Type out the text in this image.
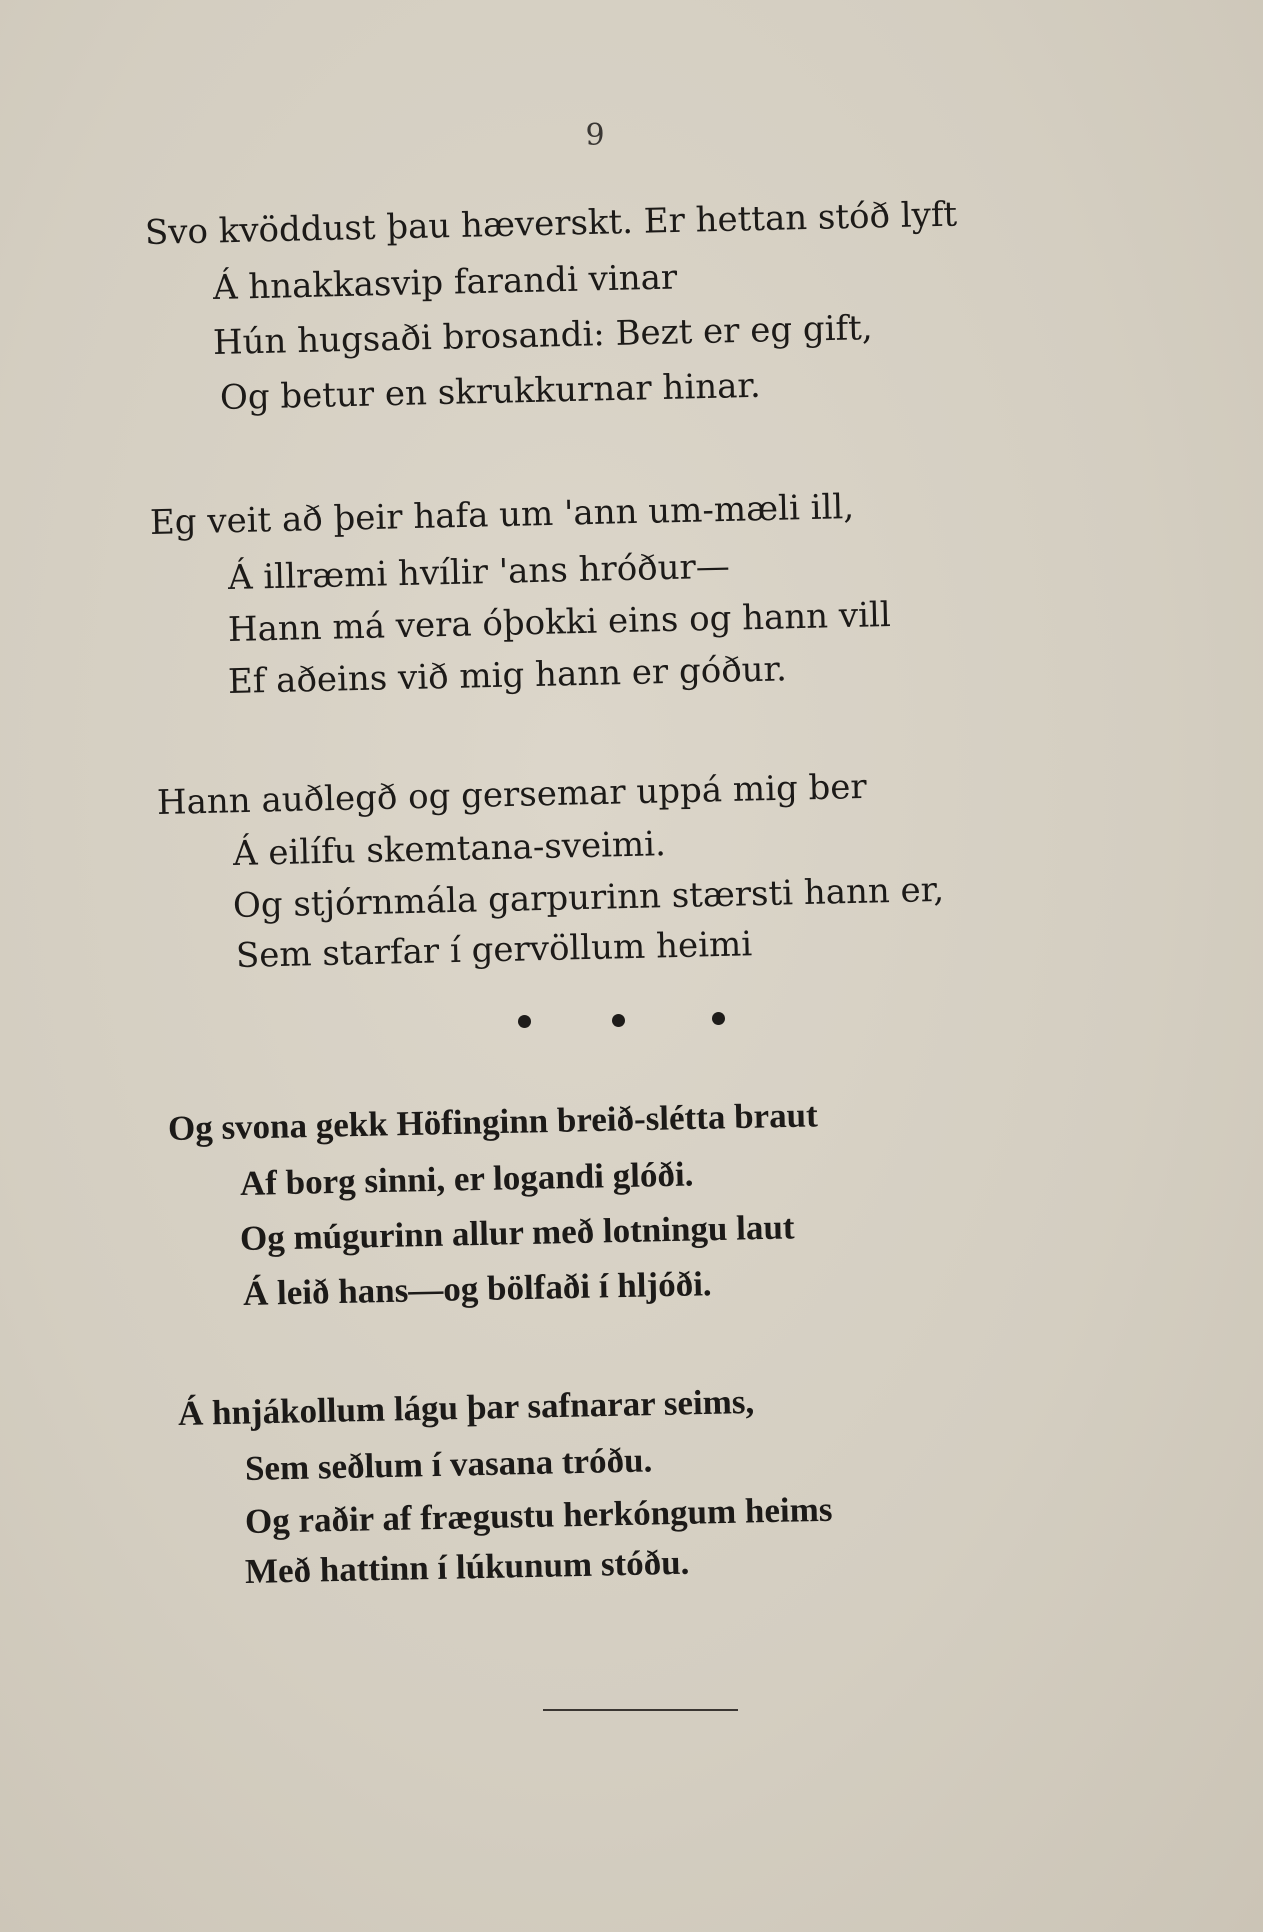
9
Svo kvöddust þau hæverskt. Er hettan stóð lyft
Á hnakkasvip farandi vinar
Hún hugsaði brosandi: Bezt er eg gift,
Og betur en skrukkurnar hinar.
Eg veit að þeir hafa um 'ann um-mæli ill,
Á illræmi hvílir 'ans hróður—
Hann má vera óþokki eins og hann vill
Ef aðeins við mig hann er góður.
Hann auðlegð og gersemar uppá mig ber
Á eilífu skemtana-sveimi.
Og stjórnmála garpurinn stærsti hann er,
Sem starfar í gervöllum heimi
Og svona gekk Höfinginn breið-slétta braut
Af borg sinni, er logandi glóði.
Og múgurinn allur með lotningu laut
Á leið hans—og bölfaði í hljóði.
Á hnjákollum lágu þar safnarar seims,
Sem seðlum í vasana tróðu.
Og raðir af frægustu herkóngum heims
Með hattinn í lúkunum stóðu.
